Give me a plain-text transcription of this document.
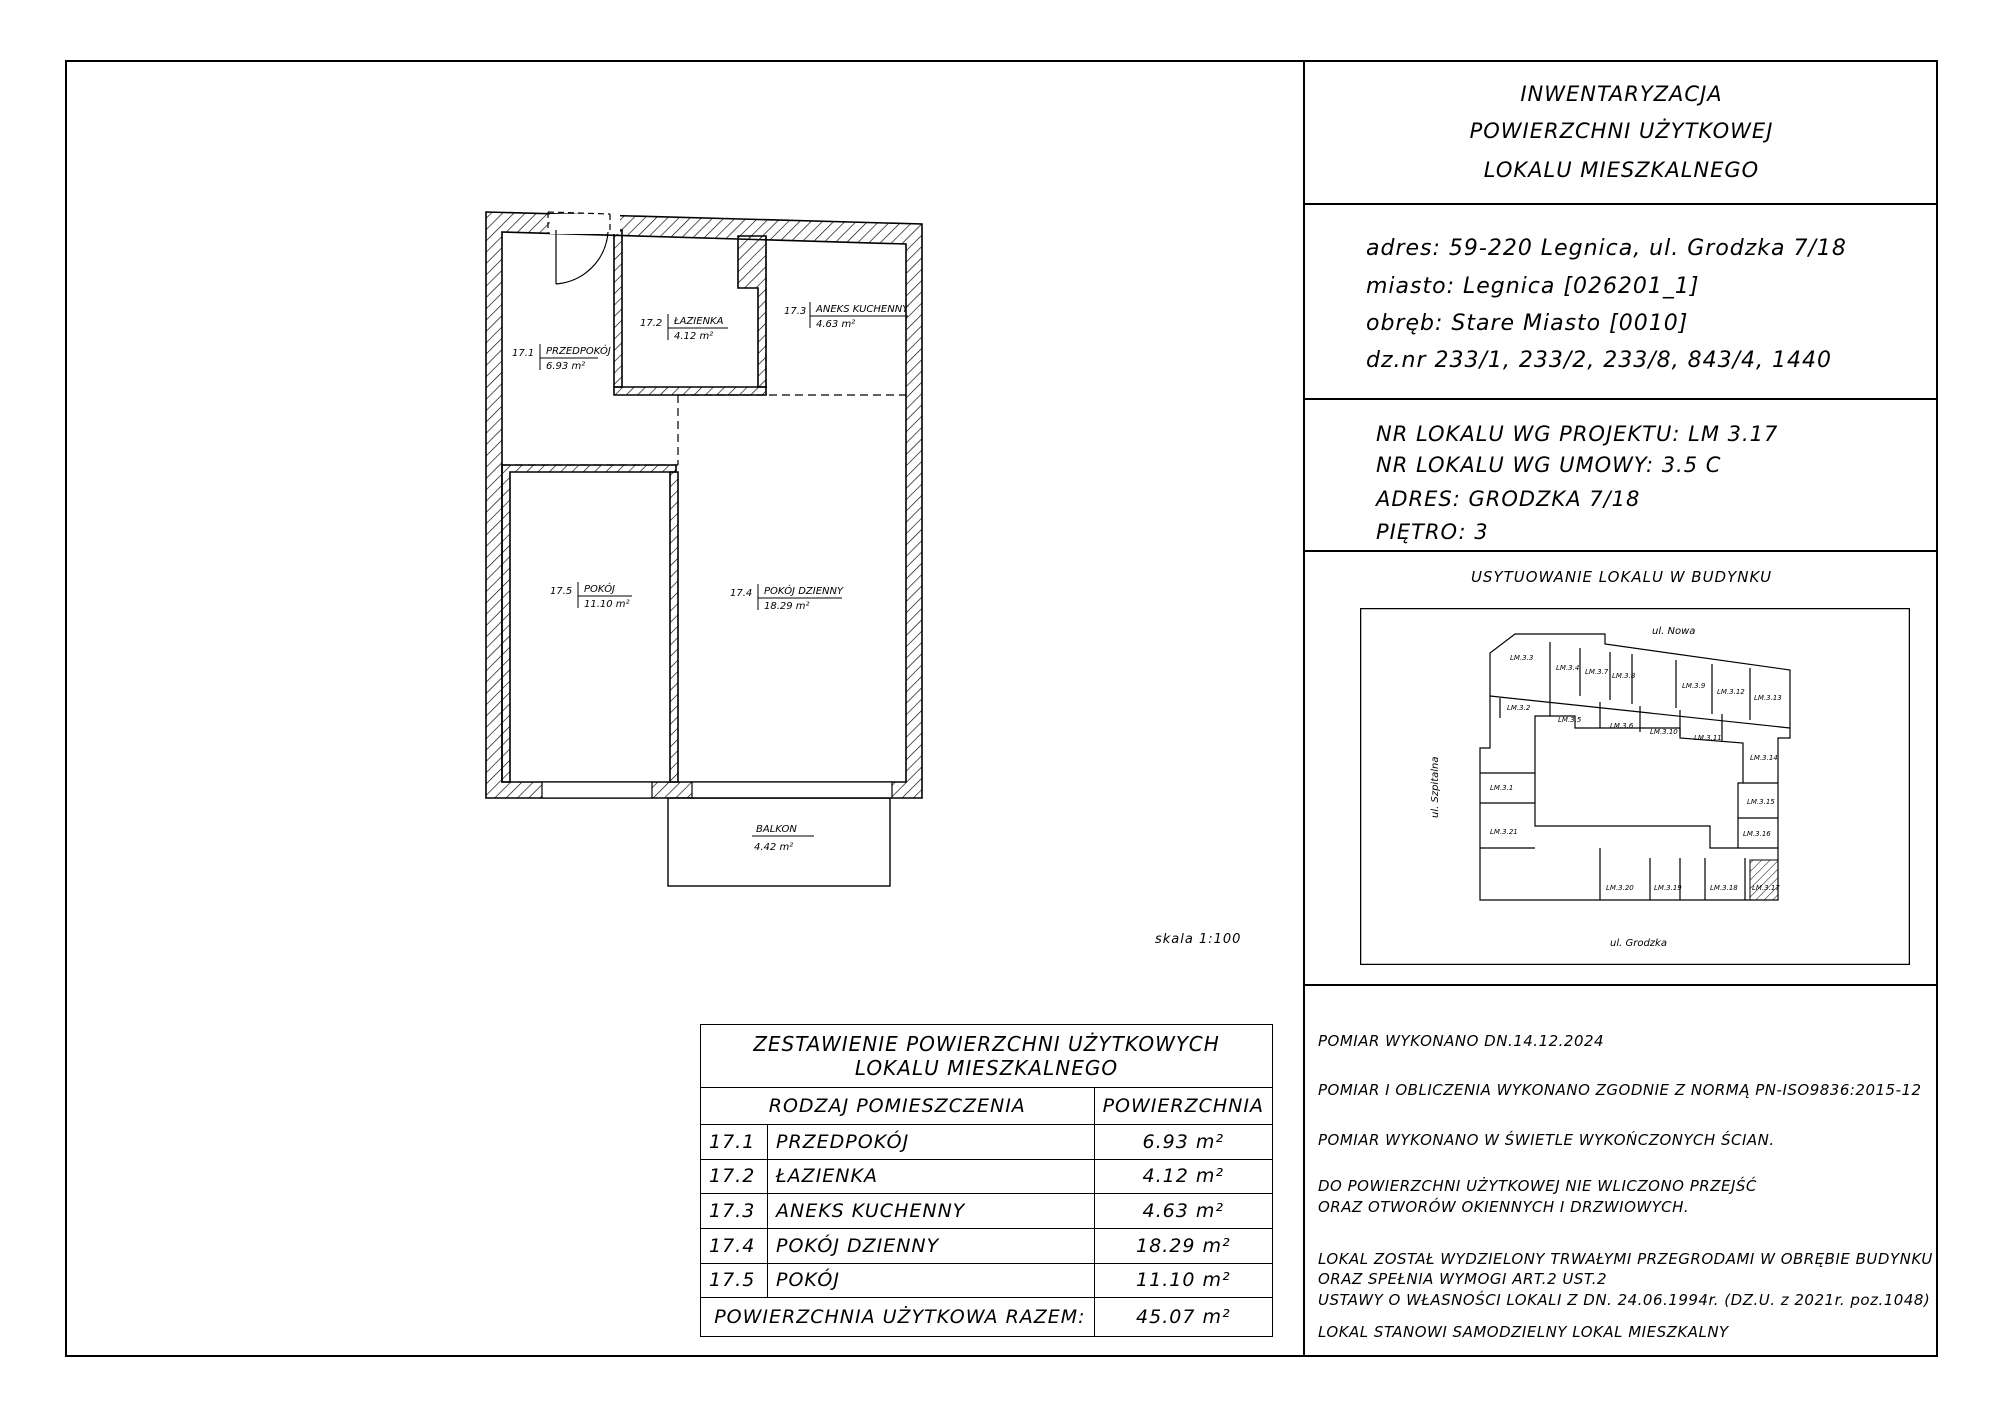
INWENTARYZACJA
POWIERZCHNI UŻYTKOWEJ
LOKALU MIESZKALNEGO
adres: 59-220 Legnica, ul. Grodzka 7/18
miasto: Legnica [026201_1]
obręb: Stare Miasto [0010]
dz.nr 233/1, 233/2, 233/8, 843/4, 1440
NR LOKALU WG PROJEKTU: LM 3.17
NR LOKALU WG UMOWY: 3.5 C
ADRES: GRODZKA 7/18
PIĘTRO: 3
USYTUOWANIE LOKALU W BUDYNKU
LM.3.3
LM.3.4 LM.3.7 LM.3.8
LM.3.9
LM.3.12
LM.3.13
LM.3.2
LM.3.5
LM.3.6
LM.3.10
LM.3.11
LM.3.14
LM.3.1
LM.3.15
LM.3.21	LM.3.16
LM.3.20	LM.3.19	LM.3.18 LM.3.17
ul. Nowa
ul. Grodzka
ul. Szpitalna
17.1 PRZEDPOKÓJ
6.93 m²
17.2 ŁAZIENKA
4.12 m²
17.3 ANEKS KUCHENNY
4.63 m²
17.5 POKÓJ
11.10 m²
17.4 POKÓJ DZIENNY
18.29 m²
BALKON
4.42 m²
skala 1:100
ZESTAWIENIE POWIERZCHNI UŻYTKOWYCH
LOKALU MIESZKALNEGO		

RODZAJ POMIESZCZENIA		POWIERZCHNIA
17.1	PRZEDPOKÓJ	6.93 m²
17.2	ŁAZIENKA	4.12 m²
17.3	ANEKS KUCHENNY	4.63 m²
17.4	POKÓJ DZIENNY	18.29 m²
17.5	POKÓJ	11.10 m²
POWIERZCHNIA UŻYTKOWA RAZEM:		45.07 m²
POMIAR WYKONANO DN.14.12.2024
POMIAR I OBLICZENIA WYKONANO ZGODNIE Z NORMĄ PN-ISO9836:2015-12
POMIAR WYKONANO W ŚWIETLE WYKOŃCZONYCH ŚCIAN.
DO POWIERZCHNI UŻYTKOWEJ NIE WLICZONO PRZEJŚĆ
ORAZ OTWORÓW OKIENNYCH I DRZWIOWYCH.
LOKAL ZOSTAŁ WYDZIELONY TRWAŁYMI PRZEGRODAMI W OBRĘBIE BUDYNKU
ORAZ SPEŁNIA WYMOGI ART.2 UST.2
USTAWY O WŁASNOŚCI LOKALI Z DN. 24.06.1994r. (DZ.U. z 2021r. poz.1048)
LOKAL STANOWI SAMODZIELNY LOKAL MIESZKALNY
